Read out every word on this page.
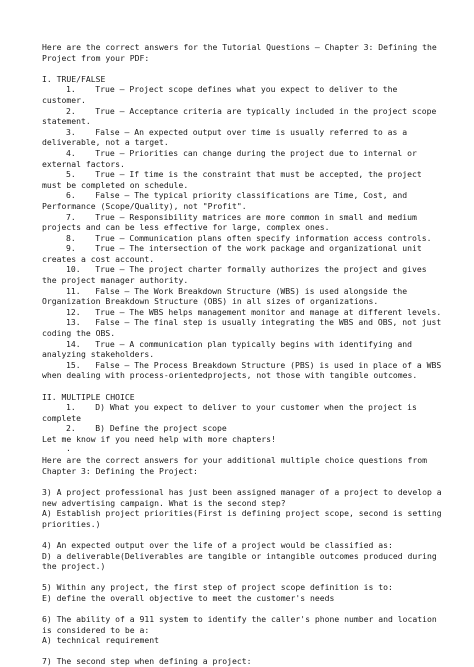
Here are the correct answers for the Tutorial Questions – Chapter 3: Defining the
Project from your PDF:
I. TRUE/FALSE
1.    True – Project scope defines what you expect to deliver to the
customer.
2.    True – Acceptance criteria are typically included in the project scope
statement.
3.    False – An expected output over time is usually referred to as a
deliverable, not a target.
4.    True – Priorities can change during the project due to internal or
external factors.
5.    True – If time is the constraint that must be accepted, the project
must be completed on schedule.
6.    False – The typical priority classifications are Time, Cost, and
Performance (Scope/Quality), not "Profit".
7.    True – Responsibility matrices are more common in small and medium
projects and can be less effective for large, complex ones.
8.    True – Communication plans often specify information access controls.
9.    True – The intersection of the work package and organizational unit
creates a cost account.
10.   True – The project charter formally authorizes the project and gives
the project manager authority.
11.   False – The Work Breakdown Structure (WBS) is used alongside the
Organization Breakdown Structure (OBS) in all sizes of organizations.
12.   True – The WBS helps management monitor and manage at different levels.
13.   False – The final step is usually integrating the WBS and OBS, not just
coding the OBS.
14.   True – A communication plan typically begins with identifying and
analyzing stakeholders.
15.   False – The Process Breakdown Structure (PBS) is used in place of a WBS
when dealing with process-orientedprojects, not those with tangible outcomes.
II. MULTIPLE CHOICE
1.    D) What you expect to deliver to your customer when the project is
complete
2.    B) Define the project scope
Let me know if you need help with more chapters!
·
Here are the correct answers for your additional multiple choice questions from
Chapter 3: Defining the Project:
3) A project professional has just been assigned manager of a project to develop a
new advertising campaign. What is the second step?
A) Establish project priorities(First is defining project scope, second is setting
priorities.)
4) An expected output over the life of a project would be classified as:
D) a deliverable(Deliverables are tangible or intangible outcomes produced during
the project.)
5) Within any project, the first step of project scope definition is to:
E) define the overall objective to meet the customer's needs
6) The ability of a 911 system to identify the caller's phone number and location
is considered to be a:
A) technical requirement
7) The second step when defining a project:
